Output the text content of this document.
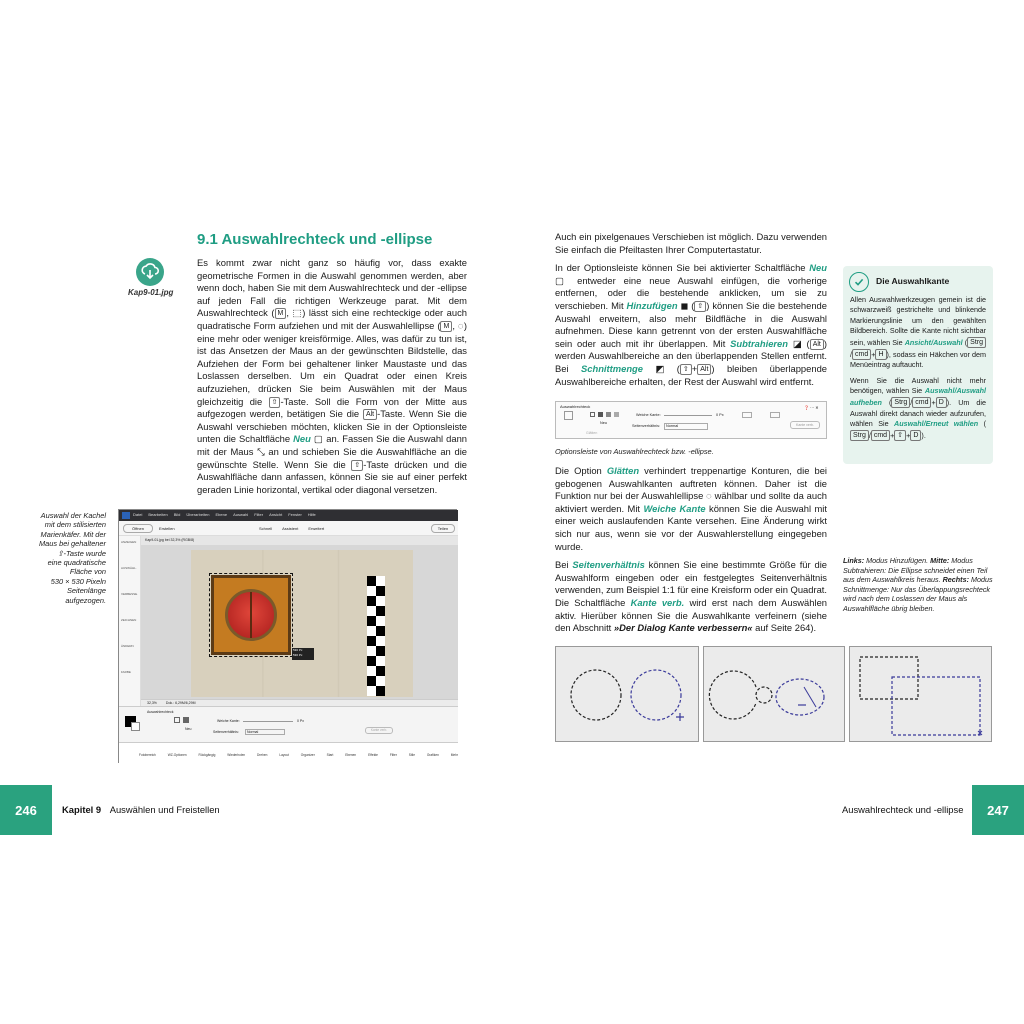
9.1 Auswahlrechteck und -ellipse
Kap9-01.jpg

Es kommt zwar nicht ganz so häufig vor, dass exakte geometrische Formen in die Auswahl genommen werden, aber wenn doch, haben Sie mit dem Auswahlrechteck und der -ellipse auf jeden Fall die richtigen Werkzeuge parat. Mit dem Auswahlrechteck ( M , ⬚) lässt sich eine rechteckige oder auch quadratische Form aufziehen und mit der Auswahlellipse ( M , ◌) eine mehr oder weniger kreisförmige. Alles, was dafür zu tun ist, ist das Ansetzen der Maus an der gewünschten Bildstelle, das Aufziehen der Form bei gehaltener linker Maustaste und das Loslassen derselben. Um ein Quadrat oder einen Kreis aufzuziehen, drücken Sie beim Auswählen mit der Maus gleichzeitig die ⇧ -Taste. Soll die Form von der Mitte aus aufgezogen werden, betätigen Sie die Alt -Taste. Wenn Sie die Auswahl verschieben möchten, klicken Sie in der Optionsleiste unten die Schaltfläche Neu ▢ an. Fassen Sie die Auswahl dann mit der Maus ⤡ an und schieben Sie die Auswahlfläche an die gewünschte Stelle. Wenn Sie die ⇧ -Taste drücken und die Auswahlfläche dann anfassen, können Sie sie auf einer perfekt geraden Linie horizontal, vertikal oder diagonal versetzen.

Auswahl der Kachel
mit dem stilisierten
Marienkäfer. Mit der
Maus bei gehaltener
⇧-Taste wurde
eine quadratische
Fläche von
530 × 530 Pixeln
Seitenlänge
aufgezogen.
Datei Bearbeiten Bild Überarbeiten Ebene Auswahl Filter Ansicht Fenster Hilfe
Öffnen	Erstellen	Schnell	Assistent	Erweitert	Teilen
ANZEIGEN
AUSWÄHL.
VERBESSE.
ZEICHNEN
ÄNDERN
FARBE
Kap9-01.jpg bei 32,3% (RGB/8)
530 Px
530 Px
32,3%	Dok.: 6,29M/6,29M
Auswahlrechteck
Neu
Weiche Kante:	0 Px
Seitenverhältnis:	Normal	Kante verb.
Fotobereich	WZ-Optionen	Rückgängig	Wiederholen	Drehen	Layout	Organizer	Start	Ebenen	Effekte	Filter	Stile	Grafiken	Mehr

Auch ein pixelgenaues Verschieben ist möglich. Dazu verwenden Sie einfach die Pfeiltasten Ihrer Computertastatur.

In der Optionsleiste können Sie bei aktivierter Schaltfläche Neu ▢ entweder eine neue Auswahl einfügen, die vorherige entfernen, oder die bestehende anklicken, um sie zu verschieben. Mit Hinzufügen ◼ ( ⇧ ) können Sie die bestehende Auswahl erweitern, also mehr Bildfläche in die Auswahl aufnehmen. Diese kann getrennt von der ersten Auswahlfläche sein oder auch mit ihr überlappen. Mit Subtrahieren ◪ ( Alt ) werden Auswahlbereiche an den überlappenden Stellen entfernt. Bei Schnittmenge ◩ ( ⇧ + Alt ) bleiben überlappende Auswahlbereiche erhalten, der Rest der Auswahl wird entfernt.

Auswahlrechteck
Neu
Glätten
Weiche Kante:	0 Px
Seitenverhältnis:	Normal	Kante verb.
❓ ⋯ ✕
Optionsleiste von Auswahlrechteck bzw. -ellipse.

Die Option Glätten verhindert treppenartige Konturen, die bei gebogenen Auswahlkanten auftreten können. Daher ist die Funktion nur bei der Auswahlellipse ◌ wählbar und sollte da auch aktiviert werden. Mit Weiche Kante können Sie die Auswahl mit einer weich auslaufenden Kante versehen. Eine Änderung wirkt sich nur aus, wenn sie vor der Auswahlerstellung eingegeben wurde.

Bei Seitenverhältnis können Sie eine bestimmte Größe für die Auswahlform eingeben oder ein festgelegtes Seitenverhältnis verwenden, zum Beispiel 1:1 für eine Kreisform oder ein Quadrat. Die Schaltfläche Kante verb. wird erst nach dem Auswählen aktiv. Hierüber können Sie die Auswahlkante verfeinern (siehe den Abschnitt »Der Dialog Kante verbessern« auf Seite 264).

Die Auswahlkante

Allen Auswahlwerkzeugen gemein ist die schwarzweiß gestrichelte und blinkende Markierungslinie um den gewählten Bildbereich. Sollte die Kante nicht sichtbar sein, wählen Sie Ansicht/Auswahl ( Strg/ cmd + H ), sodass ein Häkchen vor dem Menüeintrag auftaucht.

Wenn Sie die Auswahl nicht mehr benötigen, wählen Sie Auswahl/Auswahl aufheben ( Strg / cmd + D ). Um die Auswahl direkt danach wieder aufzurufen, wählen Sie Auswahl/Erneut wählen (Strg / cmd + ⇧ + D ).

Links: Modus Hinzufügen. Mitte: Modus Subtrahieren: Die Ellipse schneidet einen Teil aus dem Auswahlkreis heraus. Rechts: Modus Schnittmenge: Nur das Überlappungsrechteck wird nach dem Loslassen der Maus als Auswahlfläche übrig bleiben.
246	Kapitel 9 Auswählen und Freistellen	Auswahlrechteck und -ellipse	247
